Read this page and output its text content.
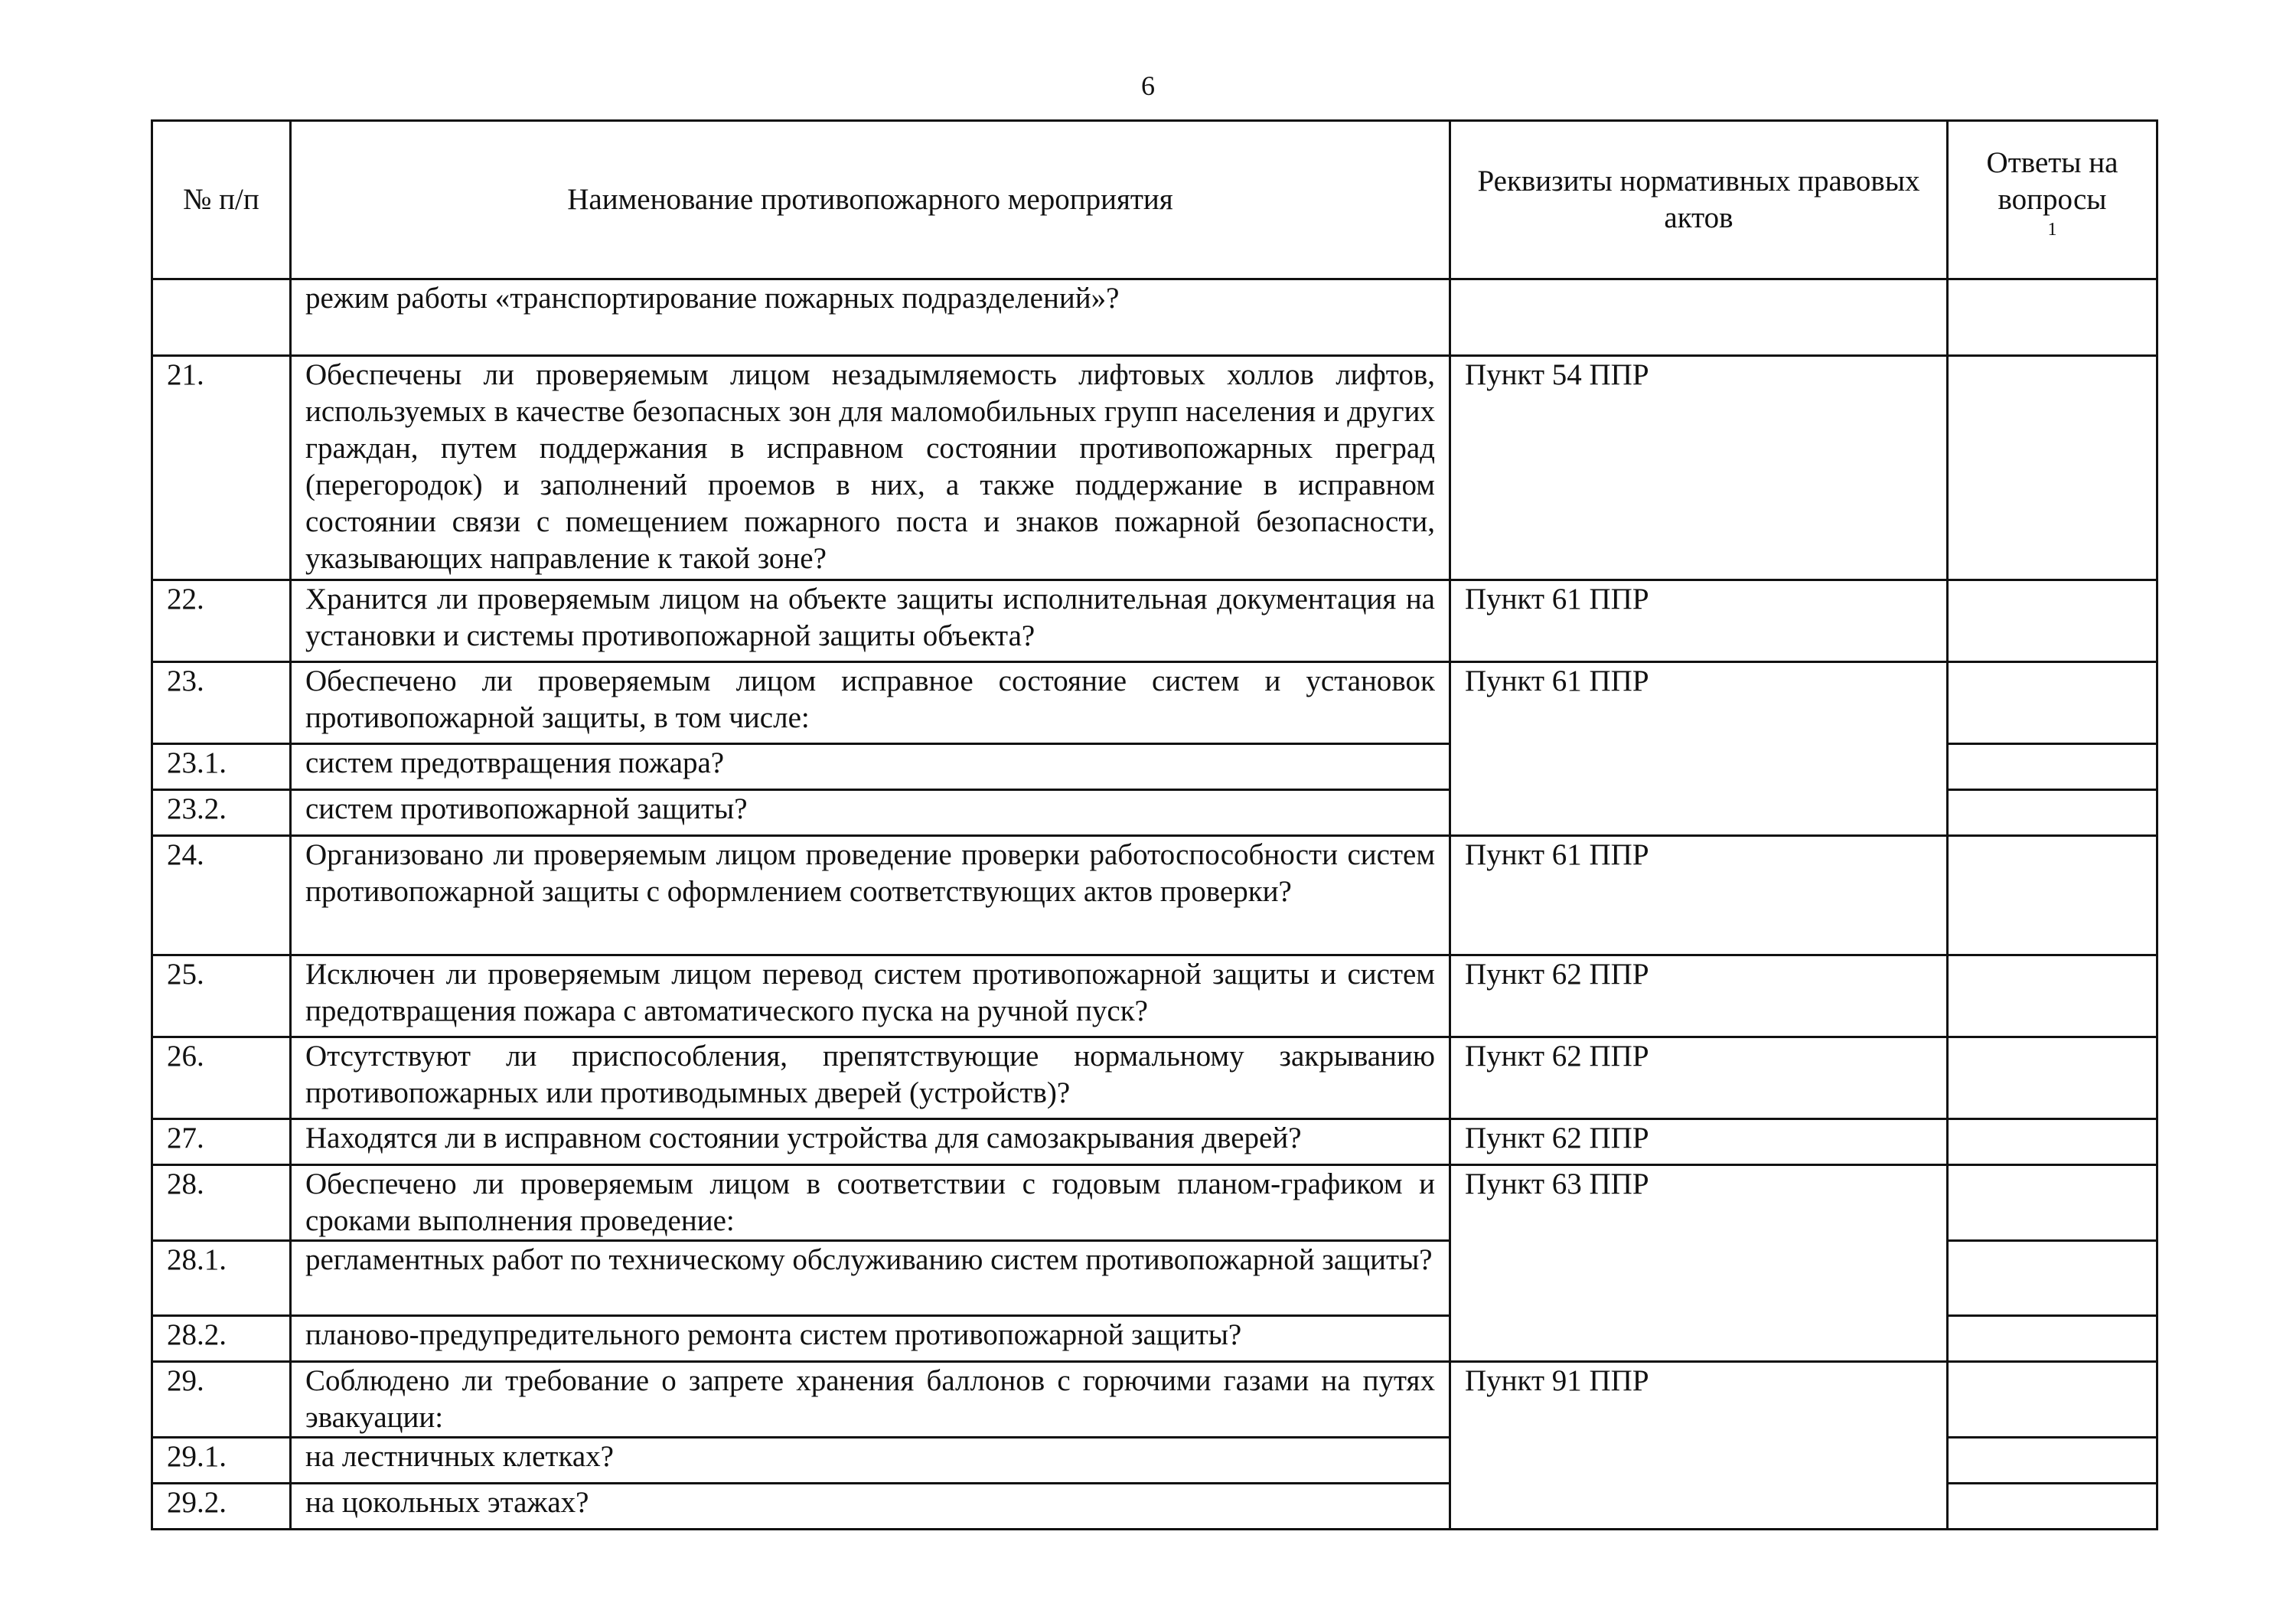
6
№ п/п	Наименование противопожарного мероприятия	Реквизиты нормативных правовых актов	Ответы на вопросы$^1$
	режим работы «транспортирование пожарных подразделений»?		
21.	Обеспечены ли проверяемым лицом незадымляемость лифтовых холлов лифтов, используемых в качестве безопасных зон для маломобильных групп населения и других граждан, путем поддержания в исправном состоянии противопожарных преград (перегородок) и заполнений проемов в них, а также поддержание в исправном состоянии связи с помещением пожарного поста и знаков пожарной безопасности, указывающих направление к такой зоне?	Пункт 54 ППР	
22.	Хранится ли проверяемым лицом на объекте защиты исполнительная документация на установки и системы противопожарной защиты объекта?	Пункт 61 ППР	
23.	Обеспечено ли проверяемым лицом исправное состояние систем и установок противопожарной защиты, в том числе:	Пункт 61 ППР	
23.1.	систем предотвращения пожара?		
23.2.	систем противопожарной защиты?		
24.	Организовано ли проверяемым лицом проведение проверки работоспособности систем противопожарной защиты с оформлением соответствующих актов проверки?	Пункт 61 ППР	
25.	Исключен ли проверяемым лицом перевод систем противопожарной защиты и систем предотвращения пожара с автоматического пуска на ручной пуск?	Пункт 62 ППР	
26.	Отсутствуют ли приспособления, препятствующие нормальному закрыванию противопожарных или противодымных дверей (устройств)?	Пункт 62 ППР	
27.	Находятся ли в исправном состоянии устройства для самозакрывания дверей?	Пункт 62 ППР	
28.	Обеспечено ли проверяемым лицом в соответствии с годовым планом-графиком и сроками выполнения проведение:	Пункт 63 ППР	
28.1.	регламентных работ по техническому обслуживанию систем противопожарной защиты?		
28.2.	планово-предупредительного ремонта систем противопожарной защиты?		
29.	Соблюдено ли требование о запрете хранения баллонов с горючими газами на путях эвакуации:	Пункт 91 ППР	
29.1.	на лестничных клетках?		
29.2.	на цокольных этажах?		
